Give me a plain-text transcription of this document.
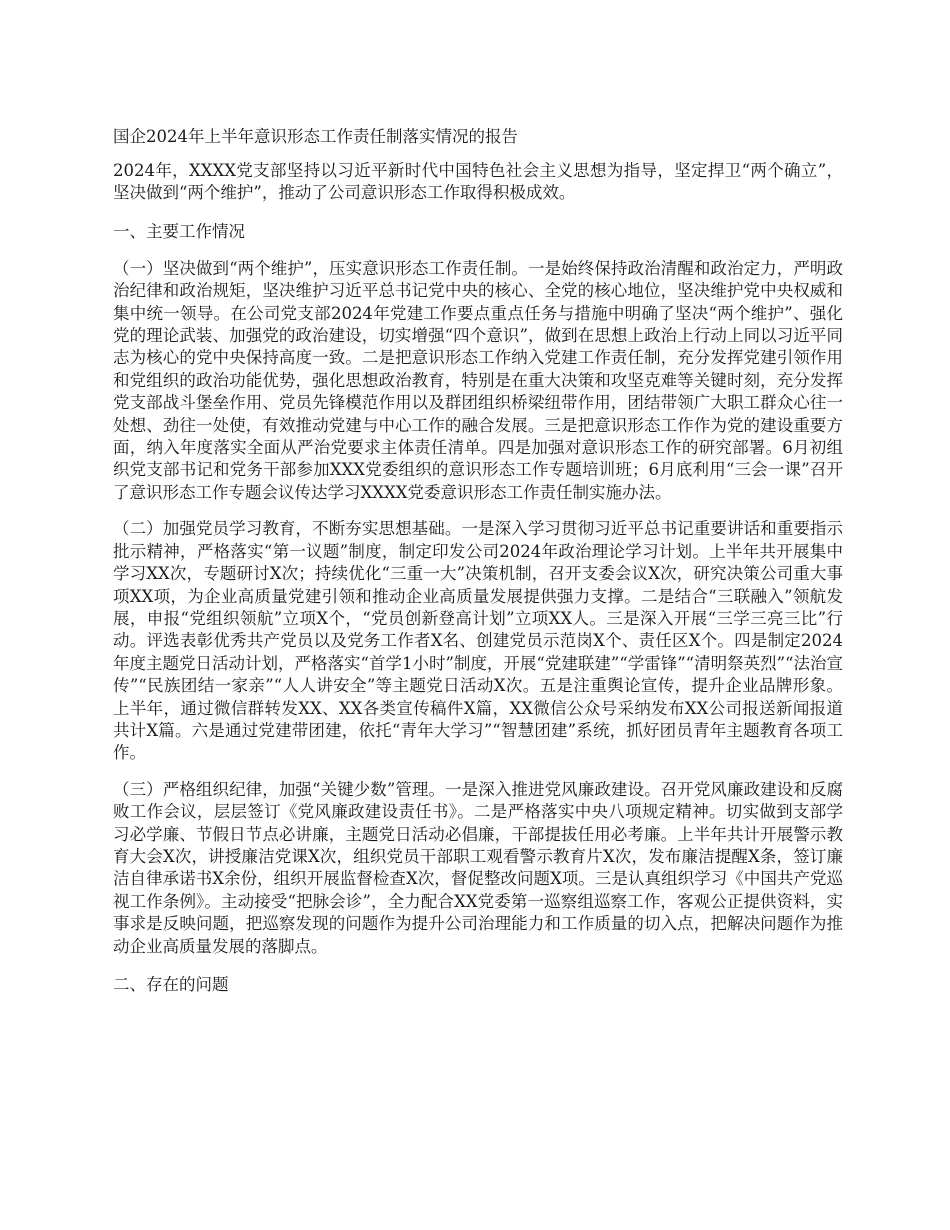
国企2024年上半年意识形态工作责任制落实情况的报告

2024年，XXXX党支部坚持以习近平新时代中国特色社会主义思想为指导，坚定捍卫“两个确立”，坚决做到“两个维护”，推动了公司意识形态工作取得积极成效。

一、主要工作情况

（一）坚决做到“两个维护”，压实意识形态工作责任制。一是始终保持政治清醒和政治定力，严明政治纪律和政治规矩，坚决维护习近平总书记党中央的核心、全党的核心地位，坚决维护党中央权威和集中统一领导。在公司党支部2024年党建工作要点重点任务与措施中明确了坚决“两个维护”、强化党的理论武装、加强党的政治建设，切实增强“四个意识”，做到在思想上政治上行动上同以习近平同志为核心的党中央保持高度一致。二是把意识形态工作纳入党建工作责任制，充分发挥党建引领作用和党组织的政治功能优势，强化思想政治教育，特别是在重大决策和攻坚克难等关键时刻，充分发挥党支部战斗堡垒作用、党员先锋模范作用以及群团组织桥梁纽带作用，团结带领广大职工群众心往一处想、劲往一处使，有效推动党建与中心工作的融合发展。三是把意识形态工作作为党的建设重要方面，纳入年度落实全面从严治党要求主体责任清单。四是加强对意识形态工作的研究部署。6月初组织党支部书记和党务干部参加XXX党委组织的意识形态工作专题培训班；6月底利用“三会一课”召开了意识形态工作专题会议传达学习XXXX党委意识形态工作责任制实施办法。

（二）加强党员学习教育，不断夯实思想基础。一是深入学习贯彻习近平总书记重要讲话和重要指示批示精神，严格落实“第一议题”制度，制定印发公司2024年政治理论学习计划。上半年共开展集中学习XX次，专题研讨X次；持续优化“三重一大”决策机制，召开支委会议X次，研究决策公司重大事项XX项，为企业高质量党建引领和推动企业高质量发展提供强力支撑。二是结合“三联融入”领航发展，申报“党组织领航”立项X个，“党员创新登高计划”立项XX人。三是深入开展“三学三亮三比”行动。评选表彰优秀共产党员以及党务工作者X名、创建党员示范岗X个、责任区X个。四是制定2024年度主题党日活动计划，严格落实“首学1小时”制度，开展“党建联建”“学雷锋”“清明祭英烈”“法治宣传”“民族团结一家亲”“人人讲安全”等主题党日活动X次。五是注重舆论宣传，提升企业品牌形象。上半年，通过微信群转发XX、XX各类宣传稿件X篇，XX微信公众号采纳发布XX公司报送新闻报道共计X篇。六是通过党建带团建，依托“青年大学习”“智慧团建”系统，抓好团员青年主题教育各项工作。

（三）严格组织纪律，加强“关键少数”管理。一是深入推进党风廉政建设。召开党风廉政建设和反腐败工作会议，层层签订《党风廉政建设责任书》。二是严格落实中央八项规定精神。切实做到支部学习必学廉、节假日节点必讲廉，主题党日活动必倡廉，干部提拔任用必考廉。上半年共计开展警示教育大会X次，讲授廉洁党课X次，组织党员干部职工观看警示教育片X次，发布廉洁提醒X条，签订廉洁自律承诺书X余份，组织开展监督检查X次，督促整改问题X项。三是认真组织学习《中国共产党巡视工作条例》。主动接受“把脉会诊”，全力配合XX党委第一巡察组巡察工作，客观公正提供资料，实事求是反映问题，把巡察发现的问题作为提升公司治理能力和工作质量的切入点，把解决问题作为推动企业高质量发展的落脚点。

二、存在的问题
